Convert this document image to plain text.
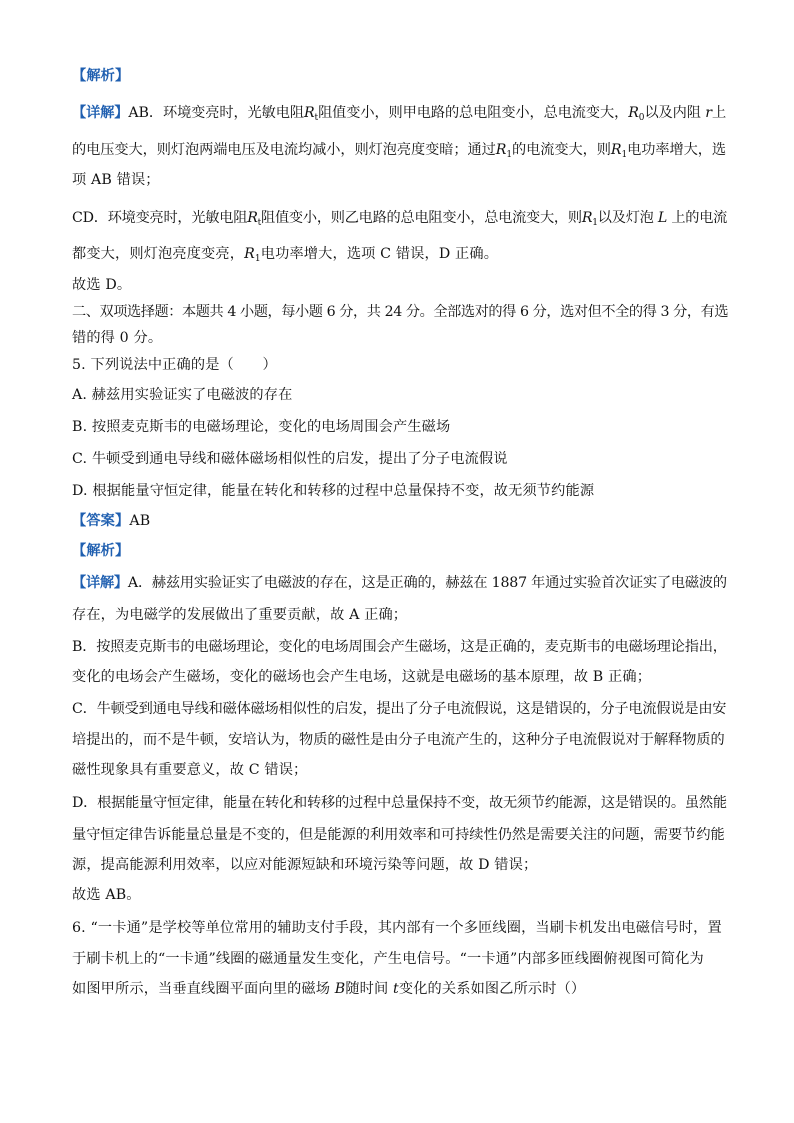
【解析】
【详解】AB．环境变亮时，光敏电阻$R_t$阻值变小，则甲电路的总电阻变小，总电流变大，$R_0$以及内阻 r上
的电压变大，则灯泡两端电压及电流均减小，则灯泡亮度变暗；通过$R_1$的电流变大，则$R_1$电功率增大，选
项 AB 错误；
CD．环境变亮时，光敏电阻$R_t$阻值变小，则乙电路的总电阻变小，总电流变大，则$R_1$以及灯泡 L 上的电流
都变大，则灯泡亮度变亮，$R_1$电功率增大，选项 C 错误，D 正确。
故选 D。
二、双项选择题：本题共 4 小题，每小题 6 分，共 24 分。全部选对的得 6 分，选对但不全的得 3 分，有选
错的得 0 分。
5. 下列说法中正确的是（　　）
A. 赫兹用实验证实了电磁波的存在
B. 按照麦克斯韦的电磁场理论，变化的电场周围会产生磁场
C. 牛顿受到通电导线和磁体磁场相似性的启发，提出了分子电流假说
D. 根据能量守恒定律，能量在转化和转移的过程中总量保持不变，故无须节约能源
【答案】AB
【解析】
【详解】A．赫兹用实验证实了电磁波的存在，这是正确的，赫兹在 1887 年通过实验首次证实了电磁波的
存在，为电磁学的发展做出了重要贡献，故 A 正确；
B．按照麦克斯韦的电磁场理论，变化的电场周围会产生磁场，这是正确的，麦克斯韦的电磁场理论指出，
变化的电场会产生磁场，变化的磁场也会产生电场，这就是电磁场的基本原理，故 B 正确；
C．牛顿受到通电导线和磁体磁场相似性的启发，提出了分子电流假说，这是错误的，分子电流假说是由安
培提出的，而不是牛顿，安培认为，物质的磁性是由分子电流产生的，这种分子电流假说对于解释物质的
磁性现象具有重要意义，故 C 错误；
D．根据能量守恒定律，能量在转化和转移的过程中总量保持不变，故无须节约能源，这是错误的。虽然能
量守恒定律告诉能量总量是不变的，但是能源的利用效率和可持续性仍然是需要关注的问题，需要节约能
源，提高能源利用效率，以应对能源短缺和环境污染等问题，故 D 错误；
故选 AB。
6. “一卡通”是学校等单位常用的辅助支付手段，其内部有一个多匝线圈，当刷卡机发出电磁信号时，置
于刷卡机上的“一卡通”线圈的磁通量发生变化，产生电信号。“一卡通”内部多匝线圈俯视图可简化为
如图甲所示，当垂直线圈平面向里的磁场 B随时间 t变化的关系如图乙所示时（）
